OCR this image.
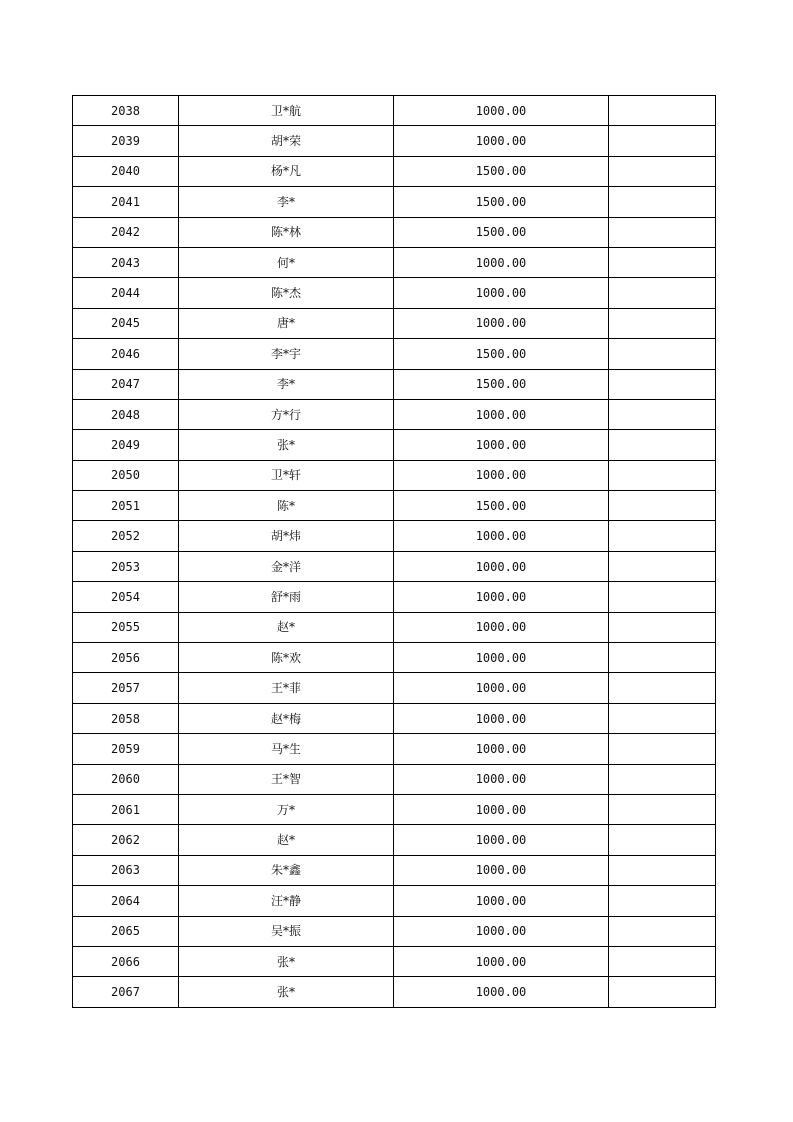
2038	卫*航	1000.00	
2039	胡*荣	1000.00	
2040	杨*凡	1500.00	
2041	李*	1500.00	
2042	陈*林	1500.00	
2043	何*	1000.00	
2044	陈*杰	1000.00	
2045	唐*	1000.00	
2046	李*宇	1500.00	
2047	李*	1500.00	
2048	方*行	1000.00	
2049	张*	1000.00	
2050	卫*轩	1000.00	
2051	陈*	1500.00	
2052	胡*炜	1000.00	
2053	金*洋	1000.00	
2054	舒*雨	1000.00	
2055	赵*	1000.00	
2056	陈*欢	1000.00	
2057	王*菲	1000.00	
2058	赵*梅	1000.00	
2059	马*生	1000.00	
2060	王*智	1000.00	
2061	万*	1000.00	
2062	赵*	1000.00	
2063	朱*鑫	1000.00	
2064	汪*静	1000.00	
2065	吴*振	1000.00	
2066	张*	1000.00	
2067	张*	1000.00	
